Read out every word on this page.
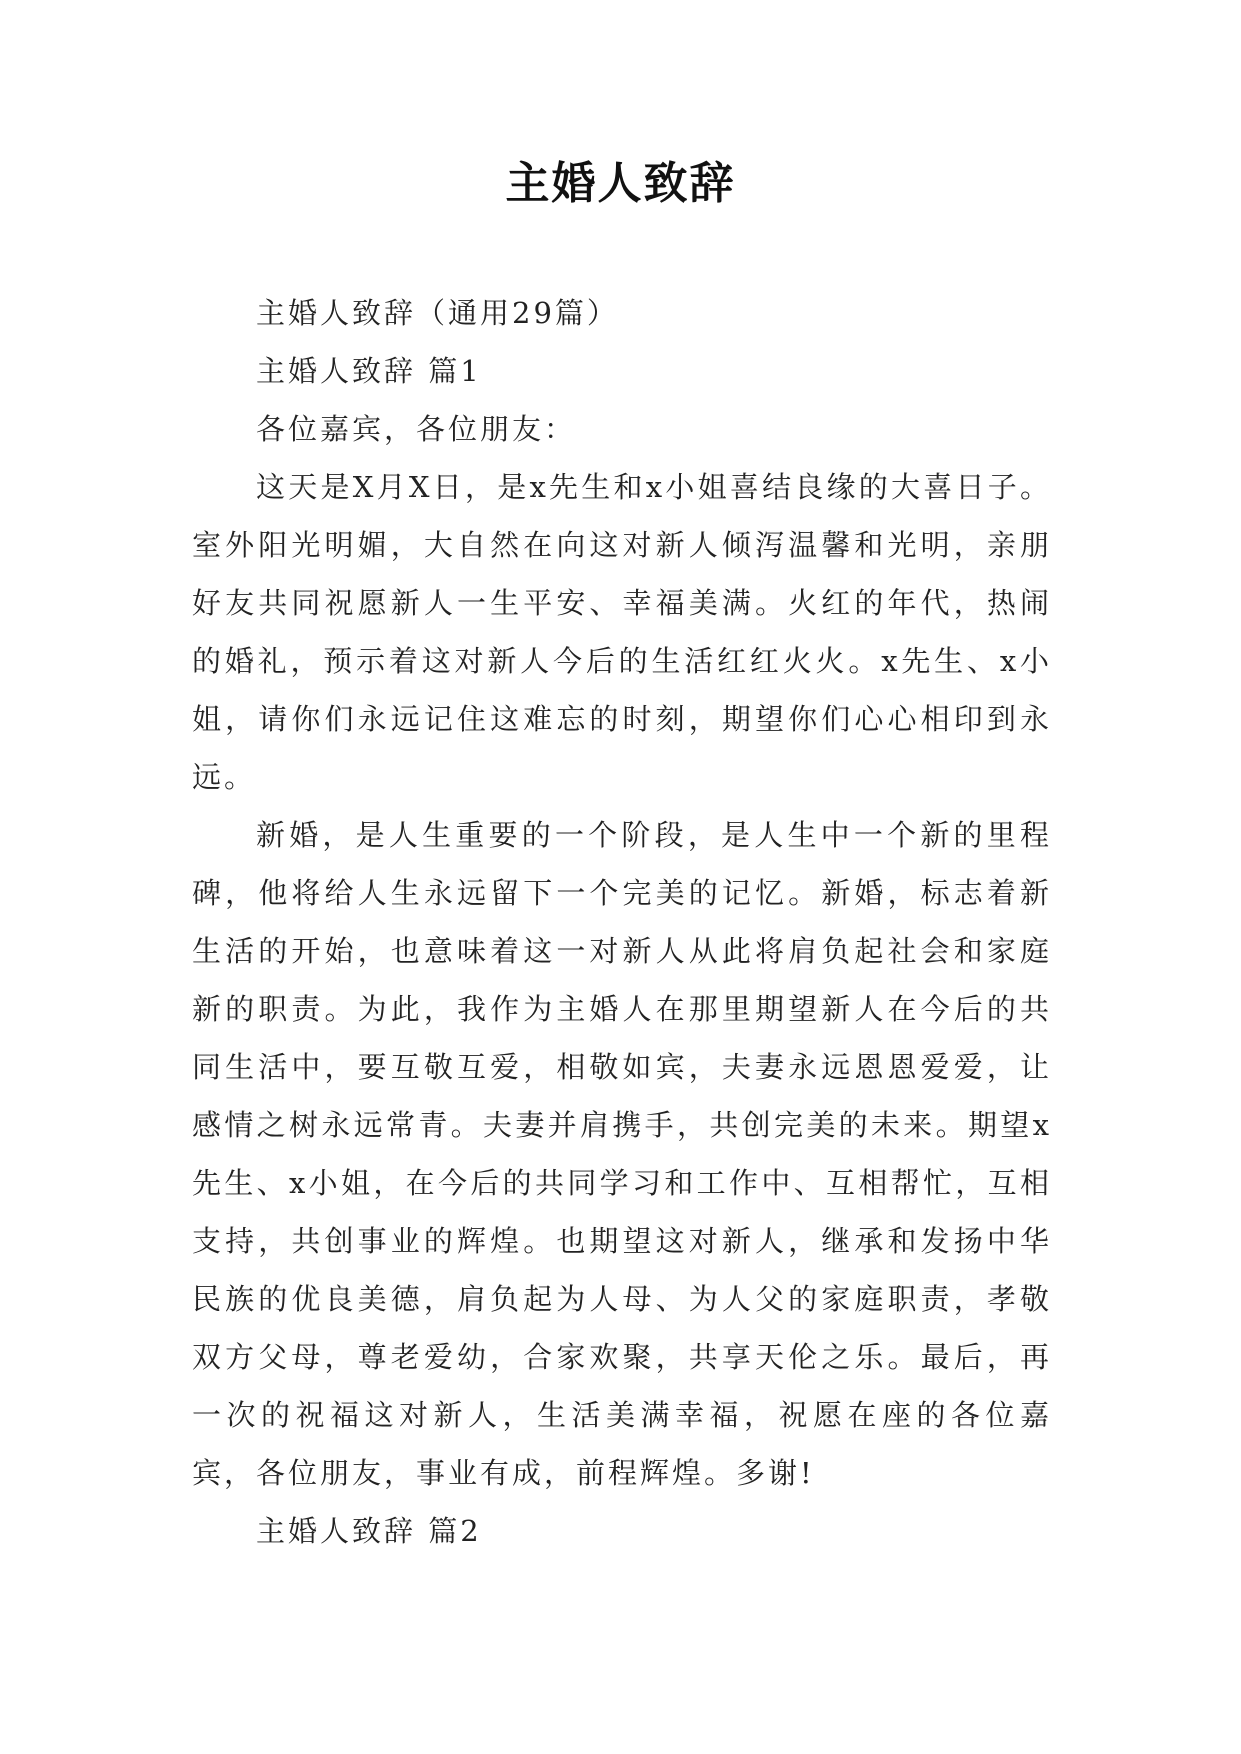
主婚人致辞

主婚人致辞（通用29篇）

主婚人致辞 篇1

各位嘉宾，各位朋友：

这天是X月X日，是x先生和x小姐喜结良缘的大喜日子。室外阳光明媚，大自然在向这对新人倾泻温馨和光明，亲朋好友共同祝愿新人一生平安、幸福美满。火红的年代，热闹的婚礼，预示着这对新人今后的生活红红火火。x先生、x小姐，请你们永远记住这难忘的时刻，期望你们心心相印到永远。

新婚，是人生重要的一个阶段，是人生中一个新的里程碑，他将给人生永远留下一个完美的记忆。新婚，标志着新生活的开始，也意味着这一对新人从此将肩负起社会和家庭新的职责。为此，我作为主婚人在那里期望新人在今后的共同生活中，要互敬互爱，相敬如宾，夫妻永远恩恩爱爱，让感情之树永远常青。夫妻并肩携手，共创完美的未来。期望x先生、x小姐，在今后的共同学习和工作中、互相帮忙，互相支持，共创事业的辉煌。也期望这对新人，继承和发扬中华民族的优良美德，肩负起为人母、为人父的家庭职责，孝敬双方父母，尊老爱幼，合家欢聚，共享天伦之乐。最后，再一次的祝福这对新人，生活美满幸福，祝愿在座的各位嘉宾，各位朋友，事业有成，前程辉煌。多谢!

主婚人致辞 篇2
